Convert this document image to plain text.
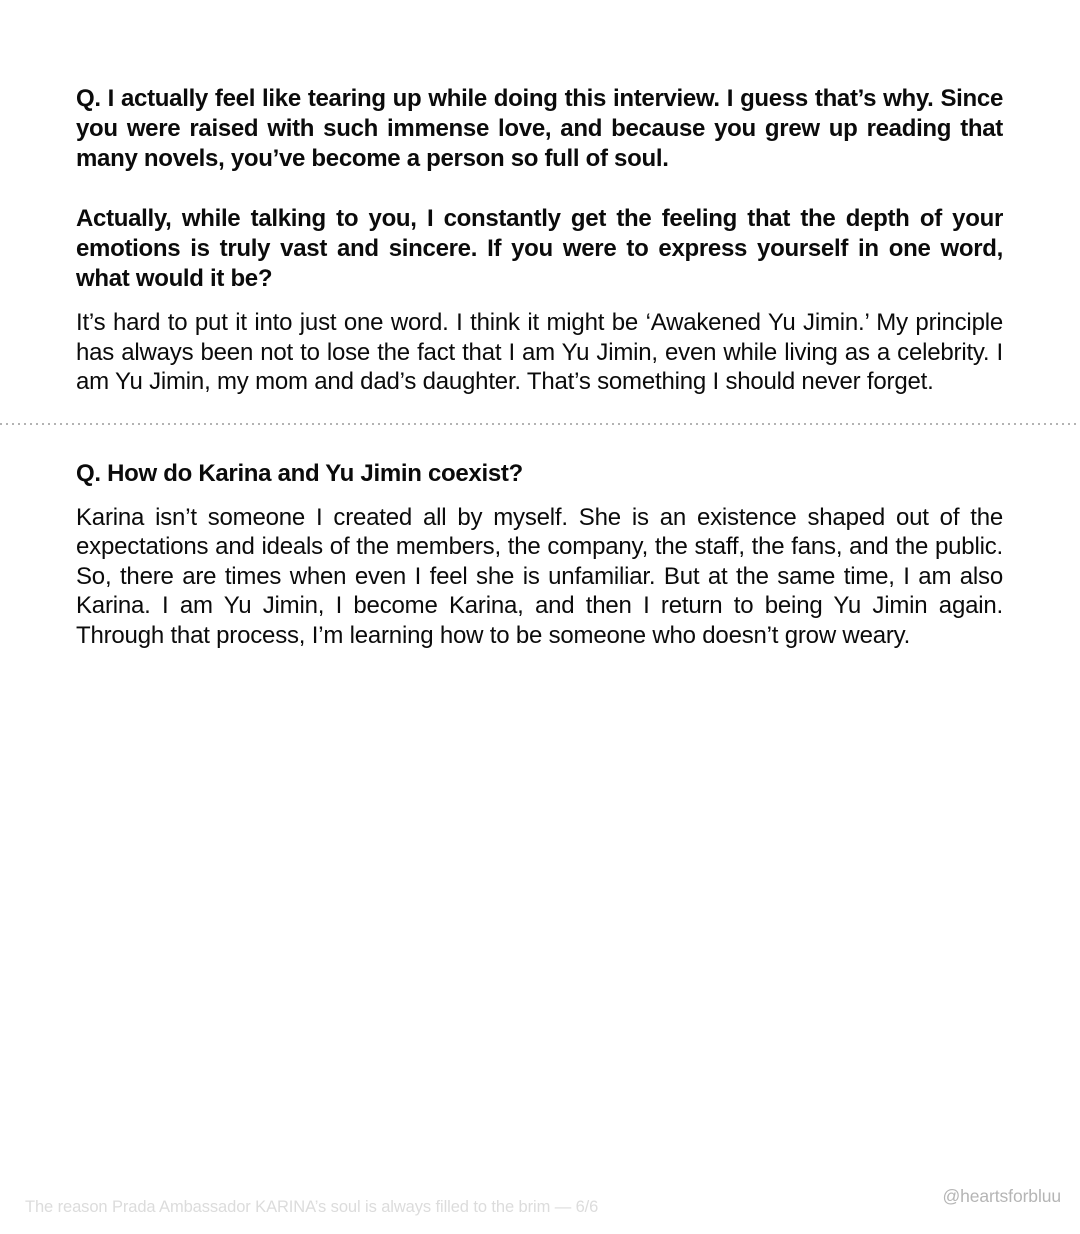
Q. I actually feel like tearing up while doing this interview. I guess that’s why. Since you were raised with such immense love, and because you grew up reading that many novels, you’ve become a person so full of soul.

Actually, while talking to you, I constantly get the feeling that the depth of your emotions is truly vast and sincere. If you were to express yourself in one word, what would it be?

It’s hard to put it into just one word. I think it might be ‘Awakened Yu Jimin.’ My principle has always been not to lose the fact that I am Yu Jimin, even while living as a celebrity. I am Yu Jimin, my mom and dad’s daughter. That’s something I should never forget.

Q. How do Karina and Yu Jimin coexist?

Karina isn’t someone I created all by myself. She is an existence shaped out of the expectations and ideals of the members, the company, the staff, the fans, and the public. So, there are times when even I feel she is unfamiliar. But at the same time, I am also Karina. I am Yu Jimin, I become Karina, and then I return to being Yu Jimin again. Through that process, I’m learning how to be someone who doesn’t grow weary.

The reason Prada Ambassador KARINA’s soul is always filled to the brim — 6/6
@heartsforbluu
